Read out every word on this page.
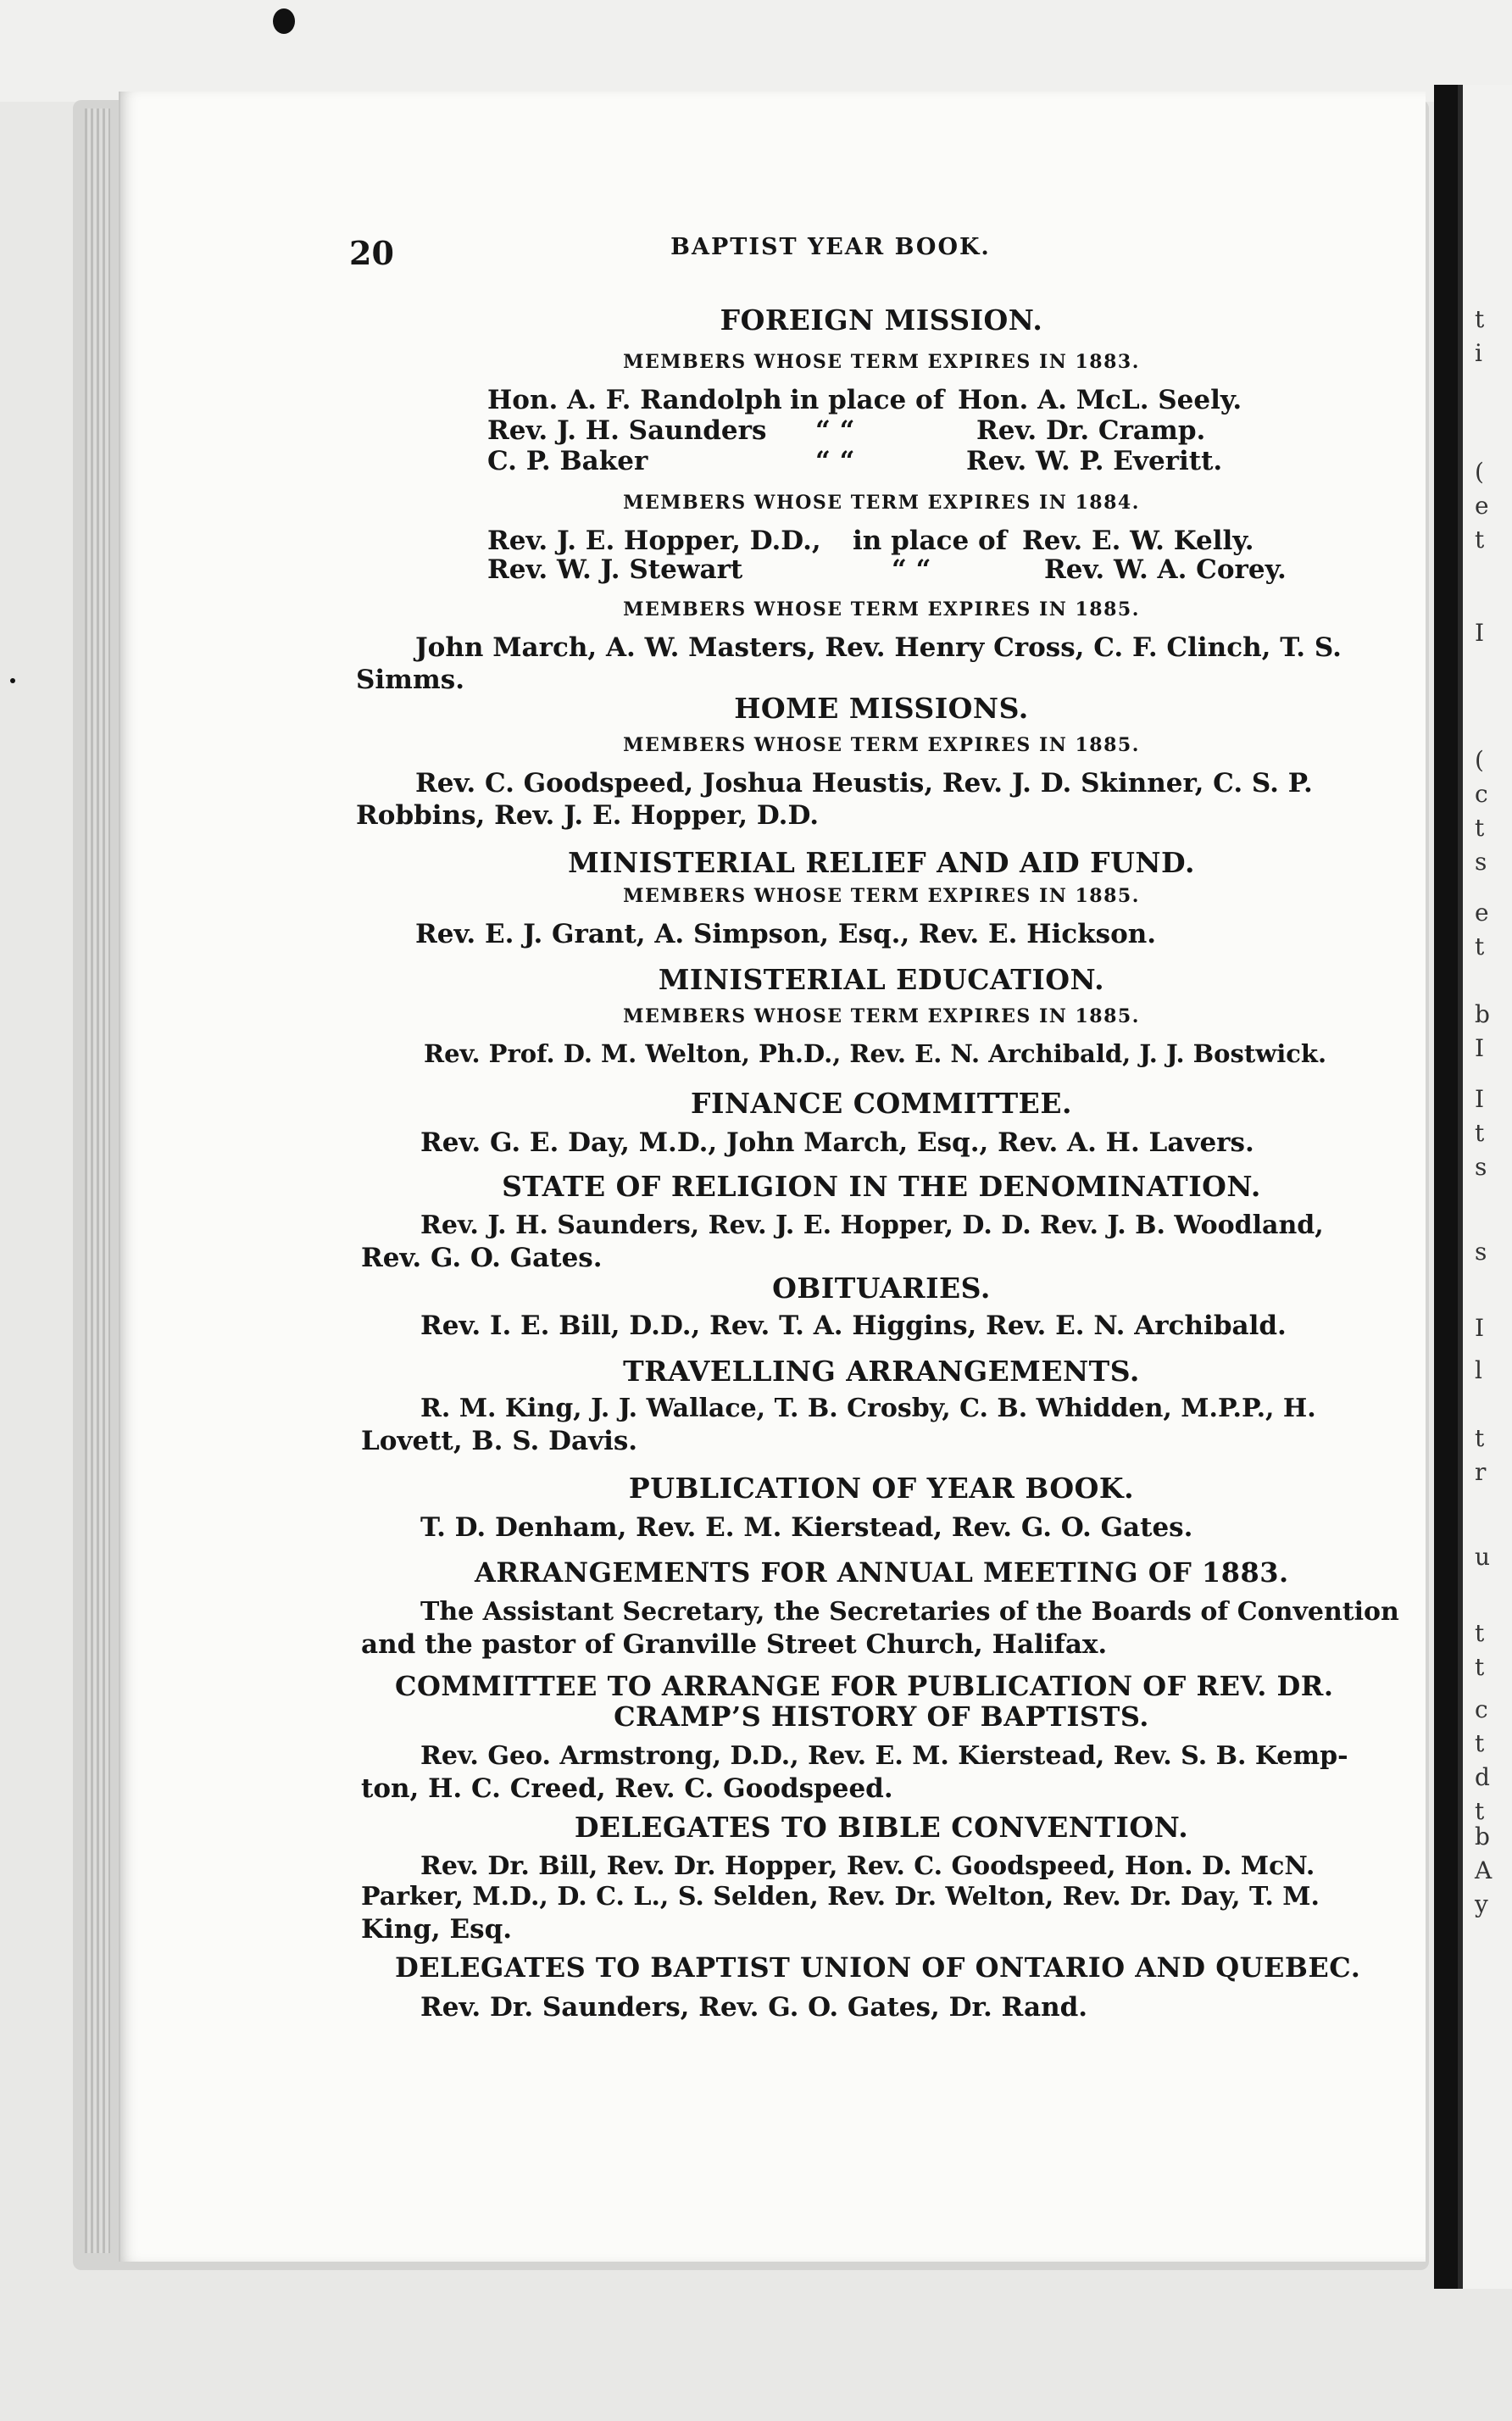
t
i
(
e
t
I
(
c
t
s
e
t
b
I
I
t
s
s
I
l
t
r
u
t
t
c
t
d
t
b
A
y
20	BAPTIST YEAR BOOK.
FOREIGN MISSION.
MEMBERS WHOSE TERM EXPIRES IN 1883.
Hon. A. F. Randolph in place of Hon. A. McL. Seely.
Rev. J. H. Saunders “ “	Rev. Dr. Cramp.
C. P. Baker	“ “	Rev. W. P. Everitt.
MEMBERS WHOSE TERM EXPIRES IN 1884.
Rev. J. E. Hopper, D.D., in place of Rev. E. W. Kelly.
Rev. W. J. Stewart	“ “	Rev. W. A. Corey.
MEMBERS WHOSE TERM EXPIRES IN 1885.
John March, A. W. Masters, Rev. Henry Cross, C. F. Clinch, T. S.
Simms.
HOME MISSIONS.
MEMBERS WHOSE TERM EXPIRES IN 1885.
Rev. C. Goodspeed, Joshua Heustis, Rev. J. D. Skinner, C. S. P.
Robbins, Rev. J. E. Hopper, D.D.
MINISTERIAL RELIEF AND AID FUND.
MEMBERS WHOSE TERM EXPIRES IN 1885.
Rev. E. J. Grant, A. Simpson, Esq., Rev. E. Hickson.
MINISTERIAL EDUCATION.
MEMBERS WHOSE TERM EXPIRES IN 1885.
Rev. Prof. D. M. Welton, Ph.D., Rev. E. N. Archibald, J. J. Bostwick.
FINANCE COMMITTEE.
Rev. G. E. Day, M.D., John March, Esq., Rev. A. H. Lavers.
STATE OF RELIGION IN THE DENOMINATION.
Rev. J. H. Saunders, Rev. J. E. Hopper, D. D. Rev. J. B. Woodland,
Rev. G. O. Gates.
OBITUARIES.
Rev. I. E. Bill, D.D., Rev. T. A. Higgins, Rev. E. N. Archibald.
TRAVELLING ARRANGEMENTS.
R. M. King, J. J. Wallace, T. B. Crosby, C. B. Whidden, M.P.P., H.
Lovett, B. S. Davis.
PUBLICATION OF YEAR BOOK.
T. D. Denham, Rev. E. M. Kierstead, Rev. G. O. Gates.
ARRANGEMENTS FOR ANNUAL MEETING OF 1883.
The Assistant Secretary, the Secretaries of the Boards of Convention
and the pastor of Granville Street Church, Halifax.
COMMITTEE TO ARRANGE FOR PUBLICATION OF REV. DR.
CRAMP’S HISTORY OF BAPTISTS.
Rev. Geo. Armstrong, D.D., Rev. E. M. Kierstead, Rev. S. B. Kemp-
ton, H. C. Creed, Rev. C. Goodspeed.
DELEGATES TO BIBLE CONVENTION.
Rev. Dr. Bill, Rev. Dr. Hopper, Rev. C. Goodspeed, Hon. D. McN.
Parker, M.D., D. C. L., S. Selden, Rev. Dr. Welton, Rev. Dr. Day, T. M.
King, Esq.
DELEGATES TO BAPTIST UNION OF ONTARIO AND QUEBEC.
Rev. Dr. Saunders, Rev. G. O. Gates, Dr. Rand.
